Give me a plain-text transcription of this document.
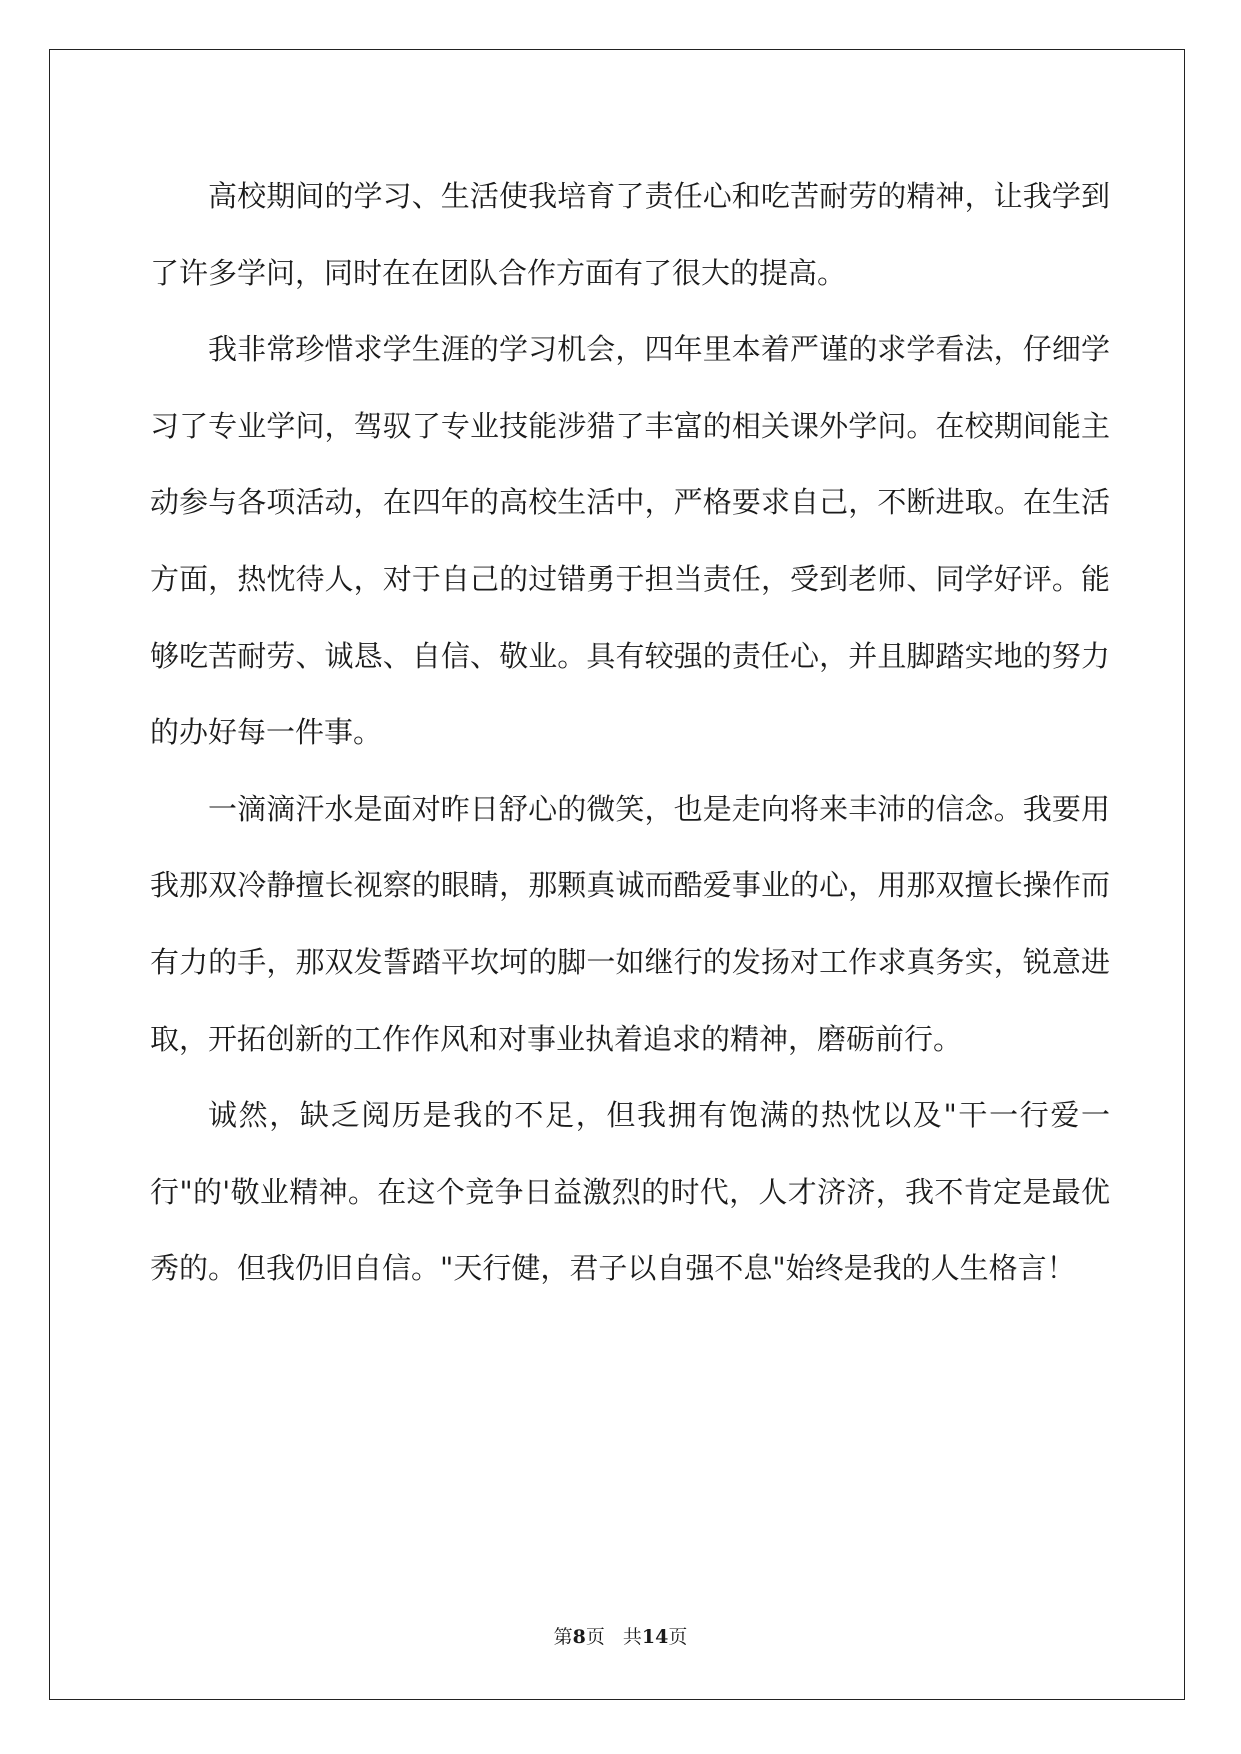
高校期间的学习、生活使我培育了责任心和吃苦耐劳的精神，让我学到了许多学问，同时在在团队合作方面有了很大的提高。

我非常珍惜求学生涯的学习机会，四年里本着严谨的求学看法，仔细学习了专业学问，驾驭了专业技能涉猎了丰富的相关课外学问。在校期间能主动参与各项活动，在四年的高校生活中，严格要求自己，不断进取。在生活方面，热忱待人，对于自己的过错勇于担当责任，受到老师、同学好评。能够吃苦耐劳、诚恳、自信、敬业。具有较强的责任心，并且脚踏实地的努力的办好每一件事。

一滴滴汗水是面对昨日舒心的微笑，也是走向将来丰沛的信念。我要用我那双冷静擅长视察的眼睛，那颗真诚而酷爱事业的心，用那双擅长操作而有力的手，那双发誓踏平坎坷的脚一如继行的发扬对工作求真务实，锐意进取，开拓创新的工作作风和对事业执着追求的精神，磨砺前行。

诚然，缺乏阅历是我的不足，但我拥有饱满的热忱以及"干一行爱一行"的'敬业精神。在这个竞争日益激烈的时代，人才济济，我不肯定是最优秀的。但我仍旧自信。"天行健，君子以自强不息"始终是我的人生格言！

第8页 共14页
